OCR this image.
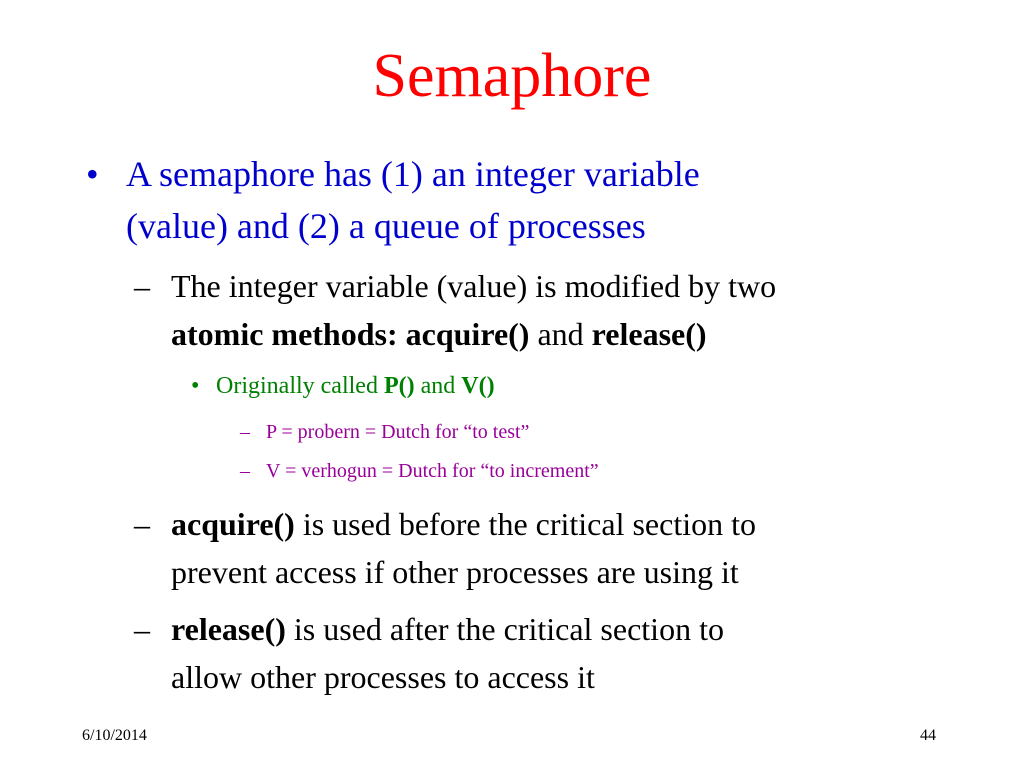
Semaphore
• A semaphore has (1) an integer variable

(value) and (2) a queue of processes

– The integer variable (value) is modified by two

atomic methods: acquire() and release()

• Originally called P() and V()

– P = probern = Dutch for “to test”

– V = verhogun = Dutch for “to increment”

– acquire() is used before the critical section to

prevent access if other processes are using it

– release() is used after the critical section to

allow other processes to access it

6/10/2014	44
